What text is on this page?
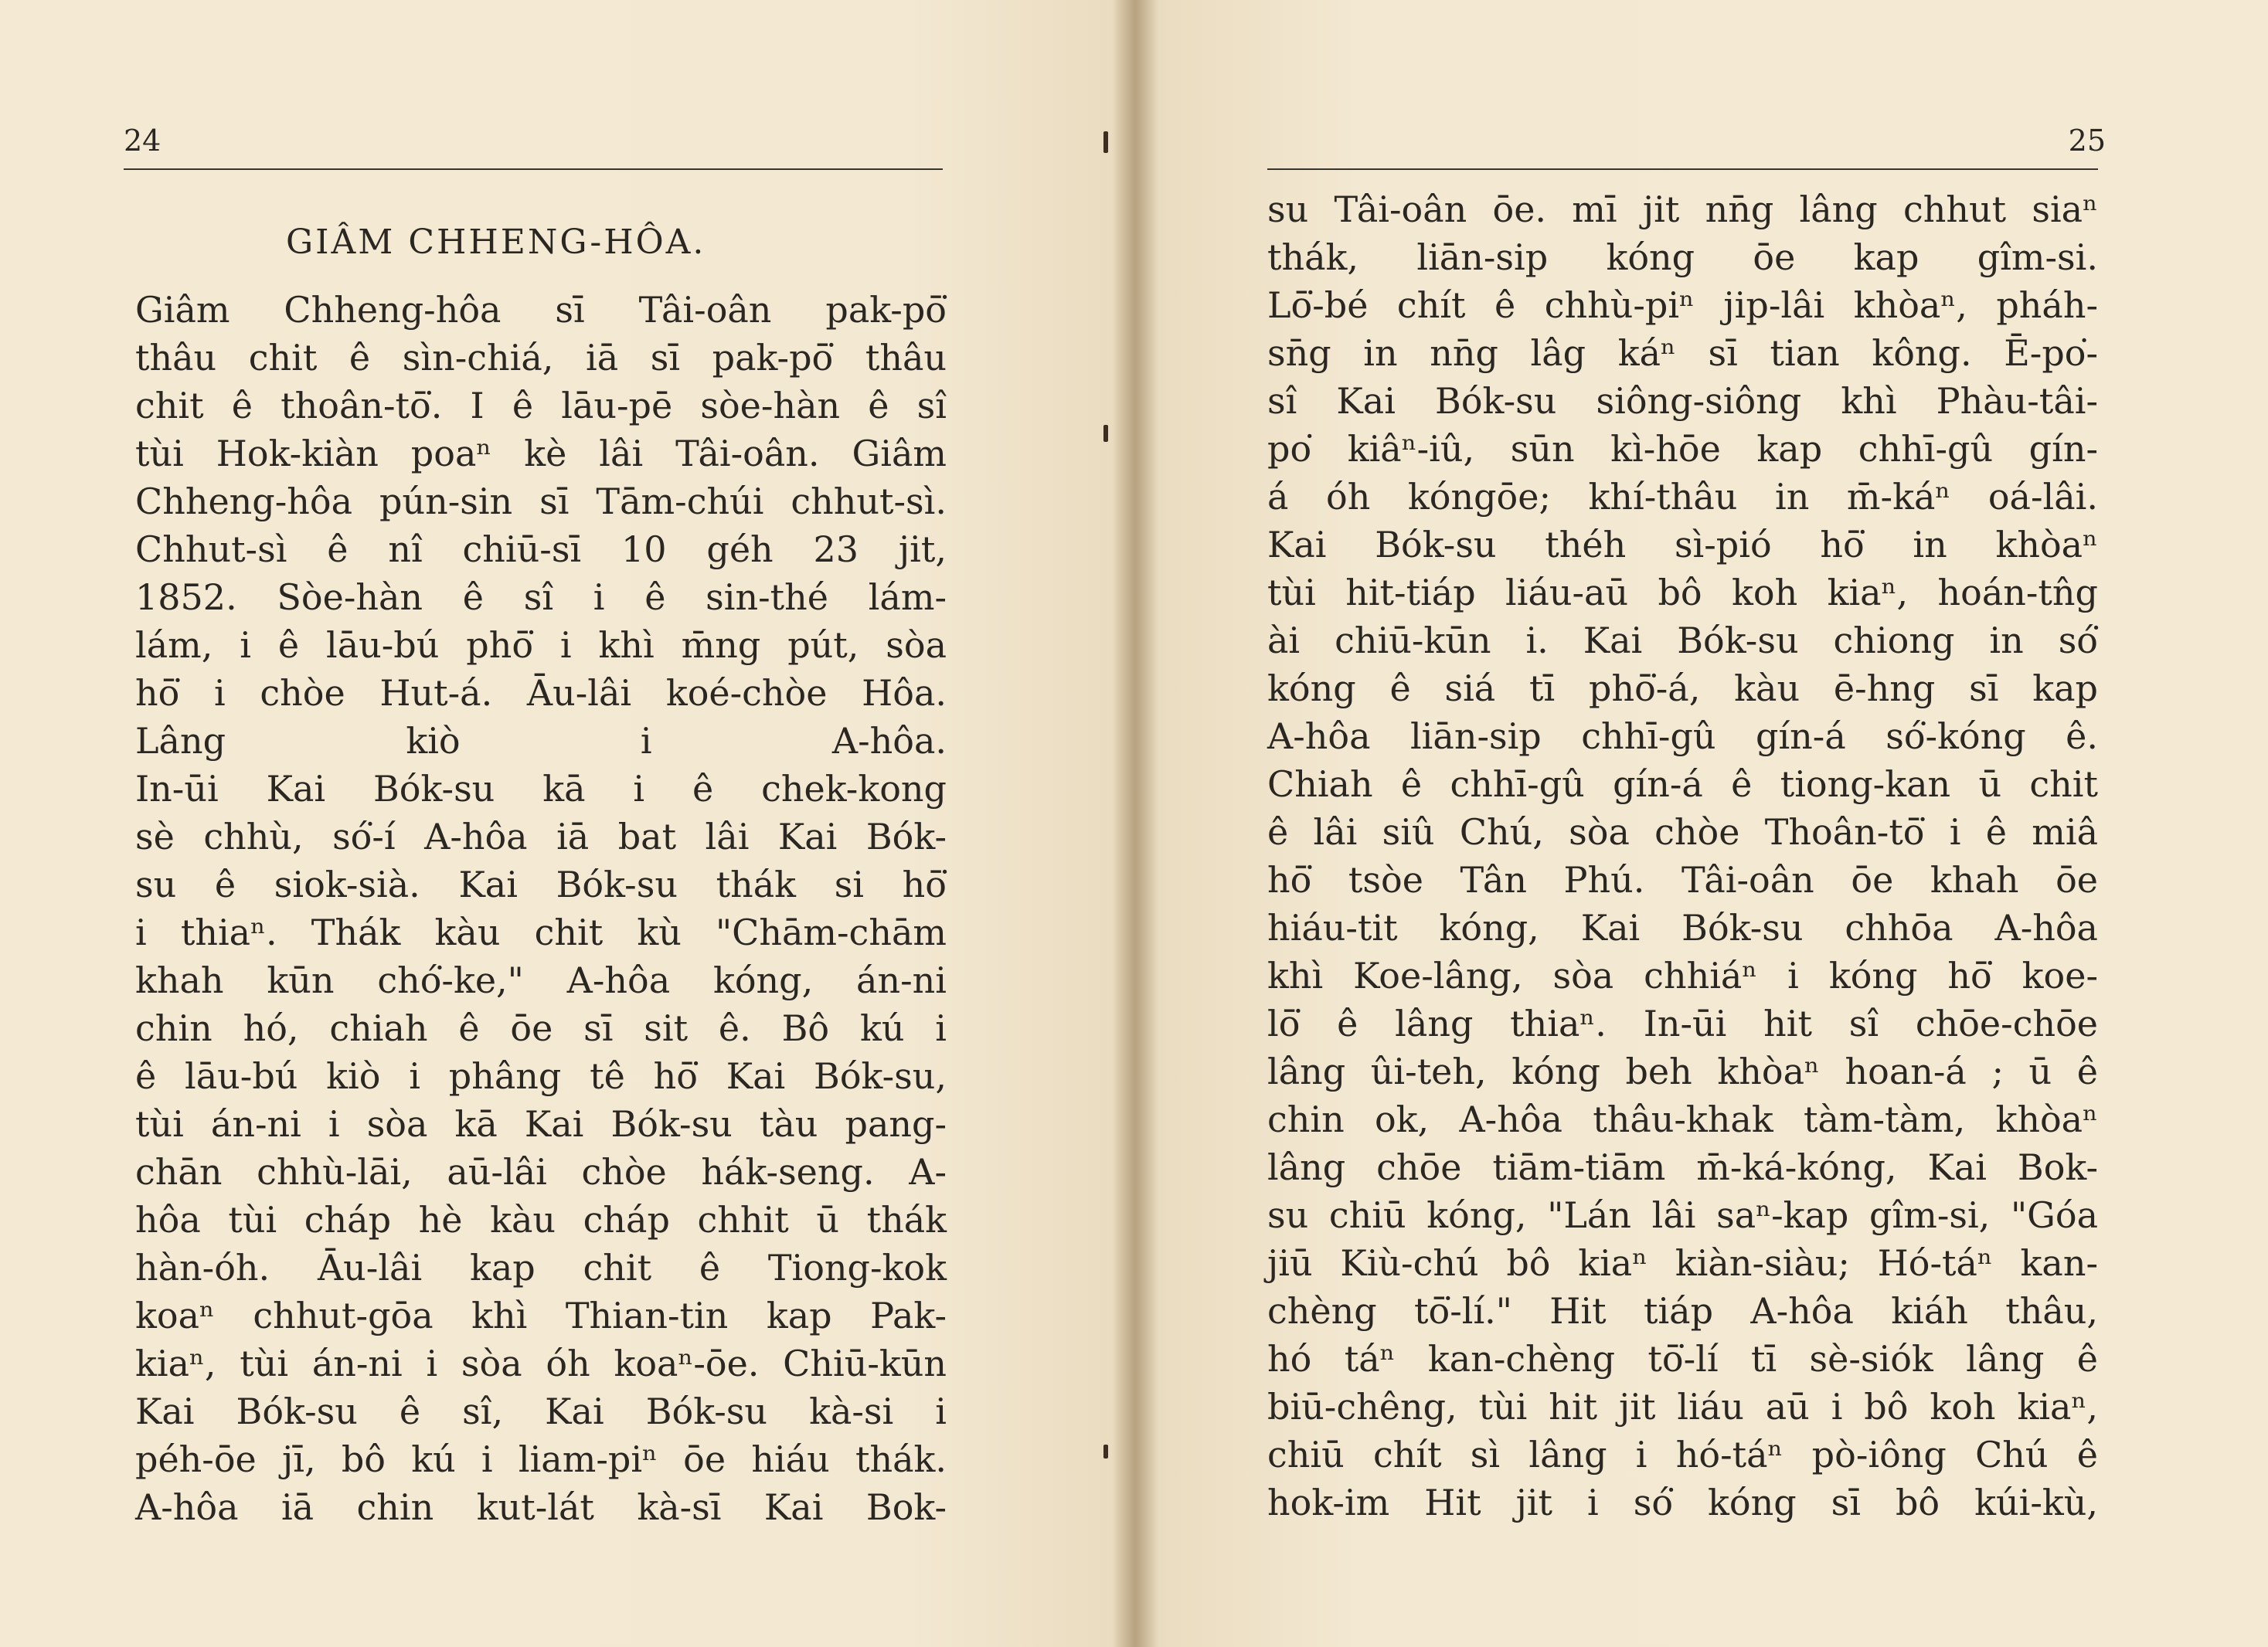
24
GIÂM CHHENG-HÔA.
Giâm Chheng-hôa sī Tâi-oân pak-pō͘
thâu chit ê sìn-chiá, iā sī pak-pō͘ thâu
chit ê thoân-tō͘. I ê lāu-pē sòe-hàn ê sî
tùi Hok-kiàn poaⁿ kè lâi Tâi-oân. Giâm
Chheng-hôa pún-sin sī Tām-chúi chhut-sì.
Chhut-sì ê nî chiū-sī 10 géh 23 jit,
1852. Sòe-hàn ê sî i ê sin-thé lám-
lám, i ê lāu-bú phō͘ i khì m̄ng pút, sòa
hō͘ i chòe Hut-á. Āu-lâi koé-chòe Hôa.
Lâng kiò i A-hôa.
In-ūi Kai Bók-su kā i ê chek-kong
sè chhù, só͘-í A-hôa iā bat lâi Kai Bók-
su ê siok-sià. Kai Bók-su thák si hō͘
i thiaⁿ. Thák kàu chit kù "Chām-chām
khah kūn chó͘-ke," A-hôa kóng, án-ni
chin hó, chiah ê ōe sī sit ê. Bô kú i
ê lāu-bú kiò i phâng tê hō͘ Kai Bók-su,
tùi án-ni i sòa kā Kai Bók-su tàu pang-
chān chhù-lāi, aū-lâi chòe hák-seng. A-
hôa tùi cháp hè kàu cháp chhit ū thák
hàn-óh. Āu-lâi kap chit ê Tiong-kok
koaⁿ chhut-gōa khì Thian-tin kap Pak-
kiaⁿ, tùi án-ni i sòa óh koaⁿ-ōe. Chiū-kūn
Kai Bók-su ê sî, Kai Bók-su kà-si i
péh-ōe jī, bô kú i liam-piⁿ ōe hiáu thák.
A-hôa iā chin kut-lát kà-sī Kai Bok-
25
su Tâi-oân ōe. mī jit nn̄g lâng chhut siaⁿ
thák, liān-sip kóng ōe kap gîm-si.
Lō͘-bé chít ê chhù-piⁿ jip-lâi khòaⁿ, pháh-
sn̄g in nn̄g lâg káⁿ sī tian kông. Ē-po͘-
sî Kai Bók-su siông-siông khì Phàu-tâi-
po͘ kiâⁿ-iû, sūn kì-hōe kap chhī-gû gín-
á óh kóngōe; khí-thâu in m̄-káⁿ oá-lâi.
Kai Bók-su théh sì-pió hō͘ in khòaⁿ
tùi hit-tiáp liáu-aū bô koh kiaⁿ, hoán-tn̂g
ài chiū-kūn i. Kai Bók-su chiong in só͘
kóng ê siá tī phō͘-á, kàu ē-hng sī kap
A-hôa liān-sip chhī-gû gín-á só͘-kóng ê.
Chiah ê chhī-gû gín-á ê tiong-kan ū chit
ê lâi siû Chú, sòa chòe Thoân-tō͘ i ê miâ
hō͘ tsòe Tân Phú. Tâi-oân ōe khah ōe
hiáu-tit kóng, Kai Bók-su chhōa A-hôa
khì Koe-lâng, sòa chhiáⁿ i kóng hō͘ koe-
lō͘ ê lâng thiaⁿ. In-ūi hit sî chōe-chōe
lâng ûi-teh, kóng beh khòaⁿ hoan-á ; ū ê
chin ok, A-hôa thâu-khak tàm-tàm, khòaⁿ
lâng chōe tiām-tiām m̄-ká-kóng, Kai Bok-
su chiū kóng, "Lán lâi saⁿ-kap gîm-si, "Góa
jiū Kiù-chú bô kiaⁿ kiàn-siàu; Hó-táⁿ kan-
chèng tō͘-lí." Hit tiáp A-hôa kiáh thâu,
hó táⁿ kan-chèng tō͘-lí tī sè-siók lâng ê
biū-chêng, tùi hit jit liáu aū i bô koh kiaⁿ,
chiū chít sì lâng i hó-táⁿ pò-iông Chú ê
hok-im Hit jit i só͘ kóng sī bô kúi-kù,
